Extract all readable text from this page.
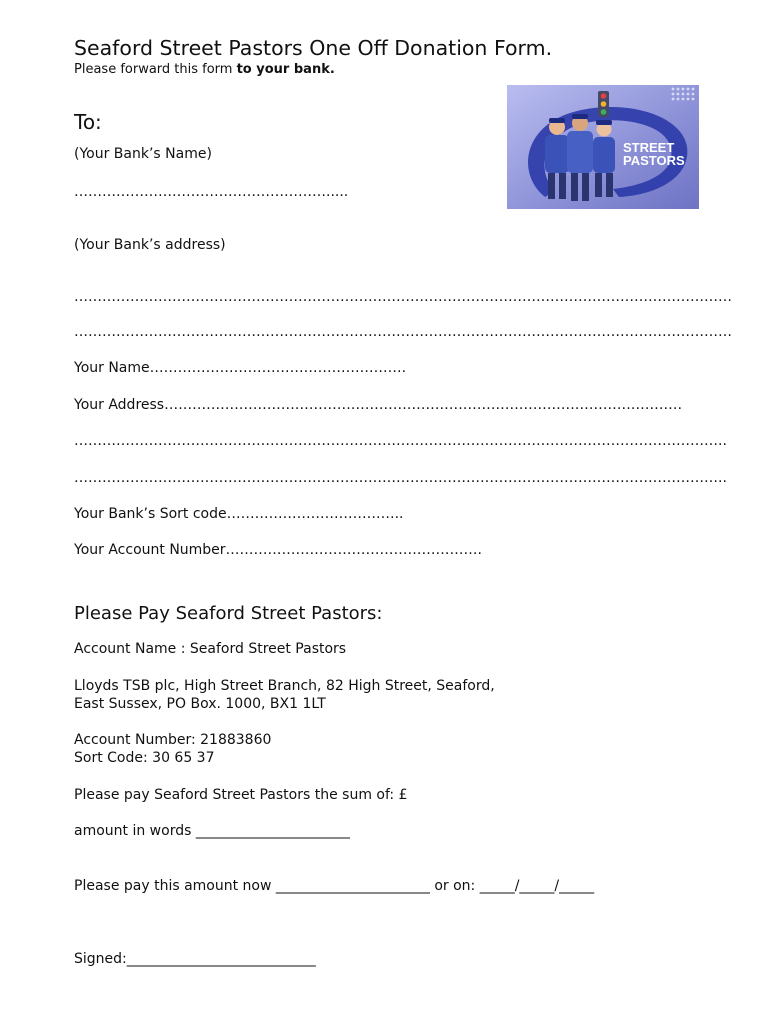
Seaford Street Pastors One Off Donation Form.
Please forward this form to your bank.
STREET
PASTORS
To:
(Your Bank’s Name)
……………………………………………….....
(Your Bank’s address)
……………………………………………………………………………………………………………………………
……………………………………………………………………………………………………………………………
Your Name……………………………………………….
Your Address…………………………………………………………………………………………………
…………………………………………………………………………………………………………………………..
…………………………………………………………………………………………………………………………..
Your Bank’s Sort code………………………………..
Your Account Number……………………………………………….
Please Pay Seaford Street Pastors:
Account Name : Seaford Street Pastors
Lloyds TSB plc, High Street Branch, 82 High Street, Seaford,
East Sussex, PO Box. 1000, BX1 1LT
Account Number: 21883860
Sort Code: 30 65 37
Please pay Seaford Street Pastors the sum of: £
amount in words ______________________
Please pay this amount now ______________________ or on: _____/_____/_____
Signed:___________________________
